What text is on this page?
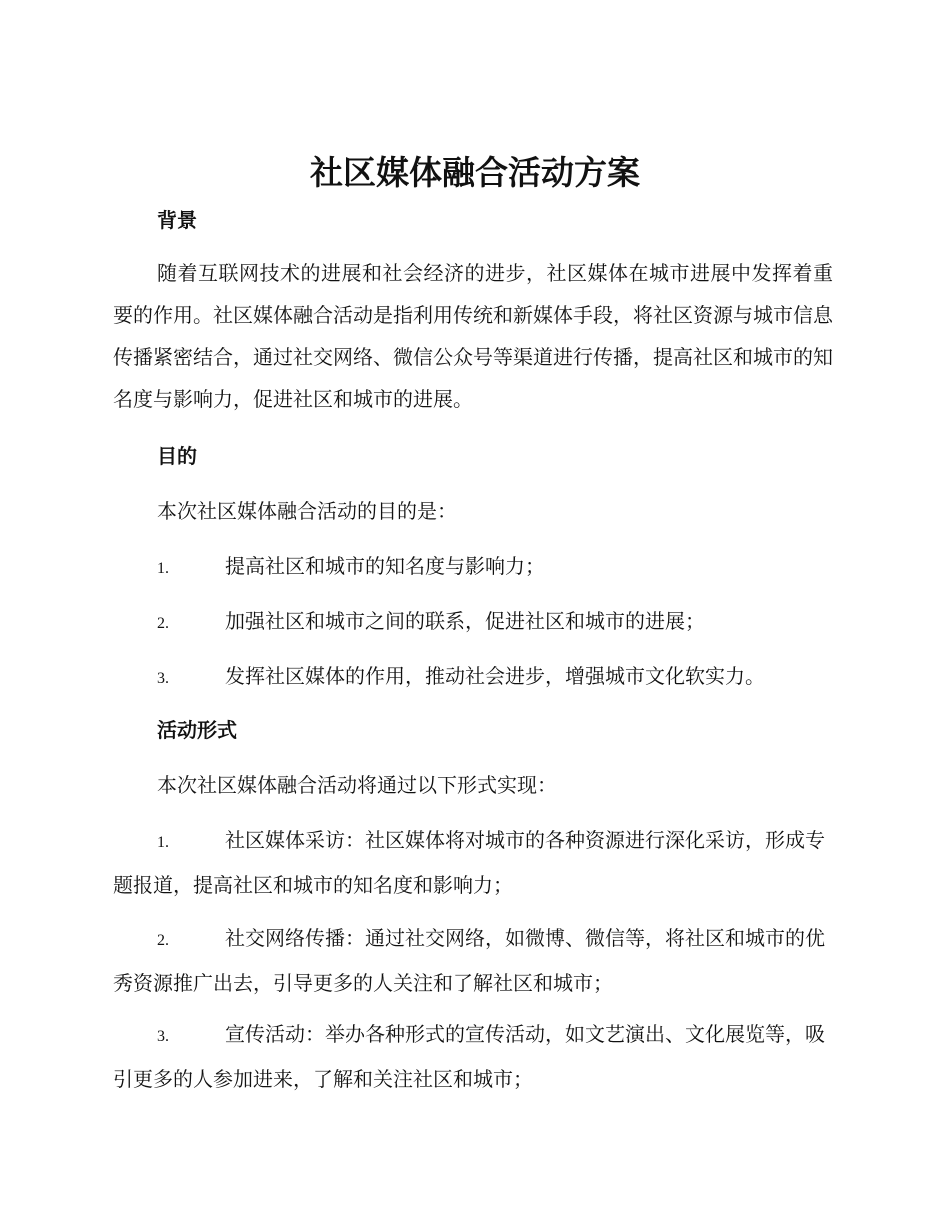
社区媒体融合活动方案
背景

随着互联网技术的进展和社会经济的进步，社区媒体在城市进展中发挥着重要的作用。社区媒体融合活动是指利用传统和新媒体手段，将社区资源与城市信息传播紧密结合，通过社交网络、微信公众号等渠道进行传播，提高社区和城市的知名度与影响力，促进社区和城市的进展。

目的

本次社区媒体融合活动的目的是：

1.	提高社区和城市的知名度与影响力；
2.	加强社区和城市之间的联系，促进社区和城市的进展；
3.	发挥社区媒体的作用，推动社会进步，增强城市文化软实力。
活动形式

本次社区媒体融合活动将通过以下形式实现：

1.	社区媒体采访：社区媒体将对城市的各种资源进行深化采访，形成专题报道，提高社区和城市的知名度和影响力；
2.	社交网络传播：通过社交网络，如微博、微信等，将社区和城市的优秀资源推广出去，引导更多的人关注和了解社区和城市；
3.	宣传活动：举办各种形式的宣传活动，如文艺演出、文化展览等，吸引更多的人参加进来，了解和关注社区和城市；
